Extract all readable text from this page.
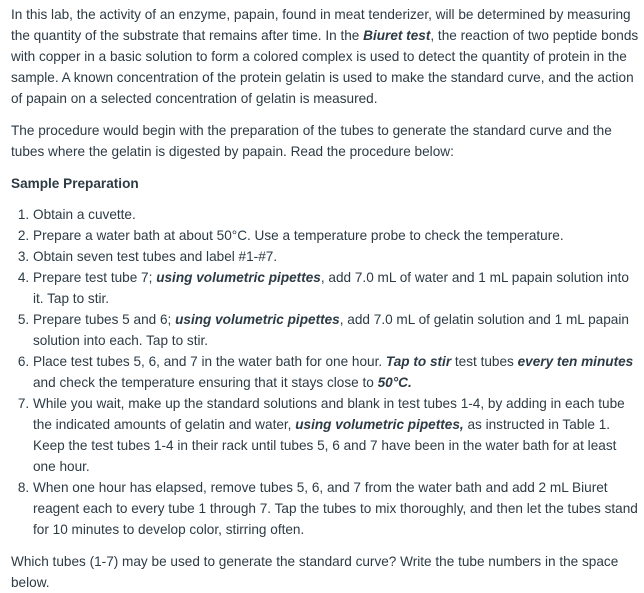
In this lab, the activity of an enzyme, papain, found in meat tenderizer, will be determined by measuring the quantity of the substrate that remains after time. In the Biuret test, the reaction of two peptide bonds with copper in a basic solution to form a colored complex is used to detect the quantity of protein in the sample. A known concentration of the protein gelatin is used to make the standard curve, and the action of papain on a selected concentration of gelatin is measured.

The procedure would begin with the preparation of the tubes to generate the standard curve and the tubes where the gelatin is digested by papain. Read the procedure below:

Sample Preparation
1. Obtain a cuvette.
2. Prepare a water bath at about 50°C. Use a temperature probe to check the temperature.
3. Obtain seven test tubes and label #1-#7.
4. Prepare test tube 7; using volumetric pipettes, add 7.0 mL of water and 1 mL papain solution into it. Tap to stir.
5. Prepare tubes 5 and 6; using volumetric pipettes, add 7.0 mL of gelatin solution and 1 mL papain solution into each. Tap to stir.
6. Place test tubes 5, 6, and 7 in the water bath for one hour. Tap to stir test tubes every ten minutes and check the temperature ensuring that it stays close to 50°C.
7. While you wait, make up the standard solutions and blank in test tubes 1-4, by adding in each tube the indicated amounts of gelatin and water, using volumetric pipettes, as instructed in Table 1. Keep the test tubes 1-4 in their rack until tubes 5, 6 and 7 have been in the water bath for at least one hour.
8. When one hour has elapsed, remove tubes 5, 6, and 7 from the water bath and add 2 mL Biuret reagent each to every tube 1 through 7. Tap the tubes to mix thoroughly, and then let the tubes stand for 10 minutes to develop color, stirring often.

Which tubes (1-7) may be used to generate the standard curve? Write the tube numbers in the space below.
